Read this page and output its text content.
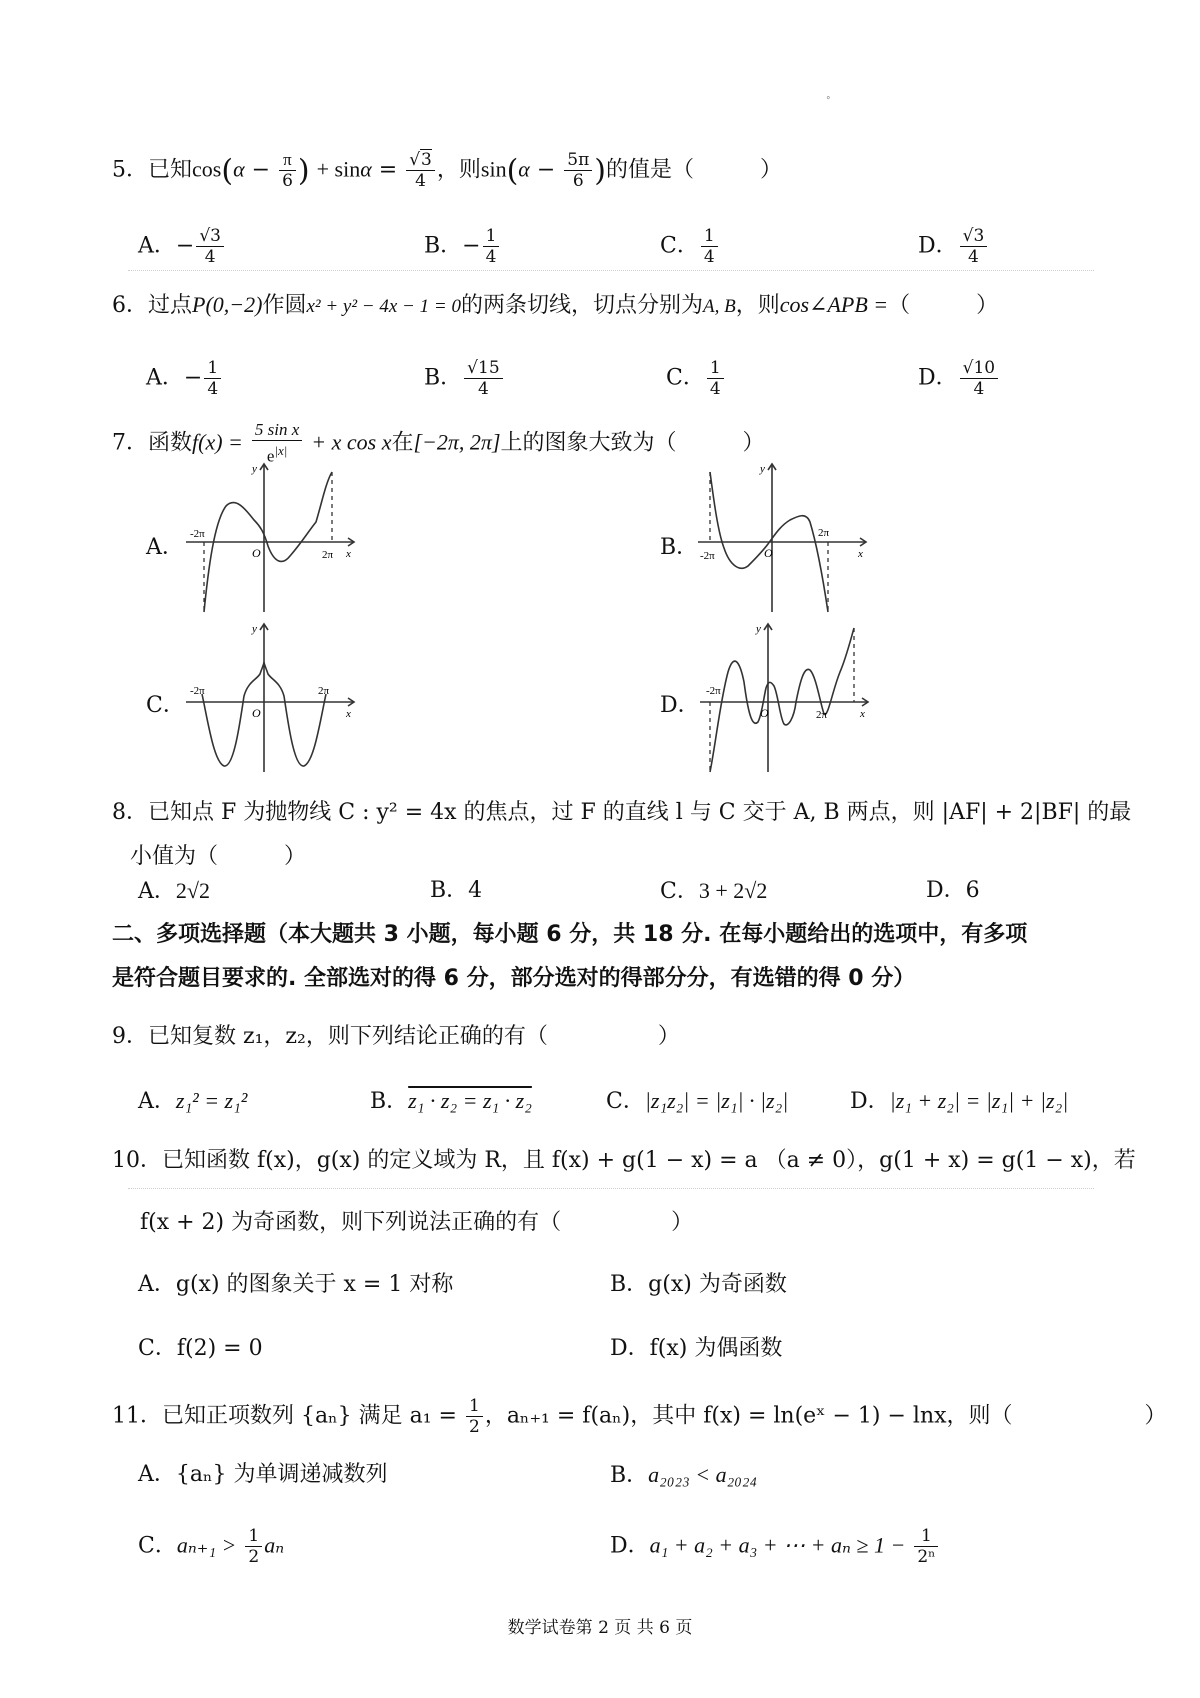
°
5．已知$\cos(\alpha - \frac{\pi}{6}$ ) + $\sin\alpha = \frac{√3}{4}$ ，则$\sin(\alpha - \frac{5\pi}{6}$ )的值是（　　　）
A．− $\frac{√3}{4}$	B．− $\frac{1}{4}$	C． $\frac{1}{4}$	D． $\frac{√3}{4}$
6．过点P(0,−2)作圆x² + y² − 4x − 1 = 0的两条切线，切点分别为A, B，则cos∠APB =（　　　）
A．− $\frac{1}{4}$	B． $\frac{√15}{4}$	C． $\frac{1}{4}$	D． $\frac{√10}{4}$
7．函数$f(x) = \frac{\text{5 sin x}}{e^{|x|}} + x$ cos x在[−2π, 2π]上的图象大致为（　　　）
A．
y
x
O
-2π
2π	B．
y
x
O
-2π
2π
C．
y
x
O
-2π	2π
D．
y
x
O
-2π
2π
8．已知点 F 为抛物线 C : y² = 4x 的焦点，过 F 的直线 l 与 C 交于 A, B 两点，则 |AF| + 2|BF| 的最
小值为（　　　）
A．2√2	B．4	C．3 + 2√2	D．6
二、多项选择题（本大题共 3 小题，每小题 6 分，共 18 分. 在每小题给出的选项中，有多项
是符合题目要求的. 全部选对的得 6 分，部分选对的得部分分，有选错的得 0 分）
9．已知复数 z₁，z₂，则下列结论正确的有（　　　　　）
A．z₁² = z₁²	B．z₁ · z₂ = z₁ · z₂	C．|z₁z₂| = |z₁| · |z₂|	D．|z₁ + z₂| = |z₁| + |z₂|
10．已知函数 f(x)，g(x) 的定义域为 R，且 f(x) + g(1 − x) = a （a ≠ 0），g(1 + x) = g(1 − x)，若
f(x + 2) 为奇函数，则下列说法正确的有（　　　　　）
A．g(x) 的图象关于 x = 1 对称	B．g(x) 为奇函数
C．f(2) = 0	D．f(x) 为偶函数
11．已知正项数列 {aₙ} 满足 $a_1 = \frac{1}{2}$ ，aₙ₊₁ = f(aₙ)，其中 f(x) = ln(eˣ − 1) − lnx，则（　　　　　　）
A．{aₙ} 为单调递减数列	B．a₂₀₂₃ < a₂₀₂₄
C．$a_{n+1} > \frac{1}{2}$ aₙ	D．a₁ + a₂ + a₃ + ⋯ + $a_n \ge 1 - \frac{1}{\text{2ⁿ}}$
数学试卷第 2 页 共 6 页
